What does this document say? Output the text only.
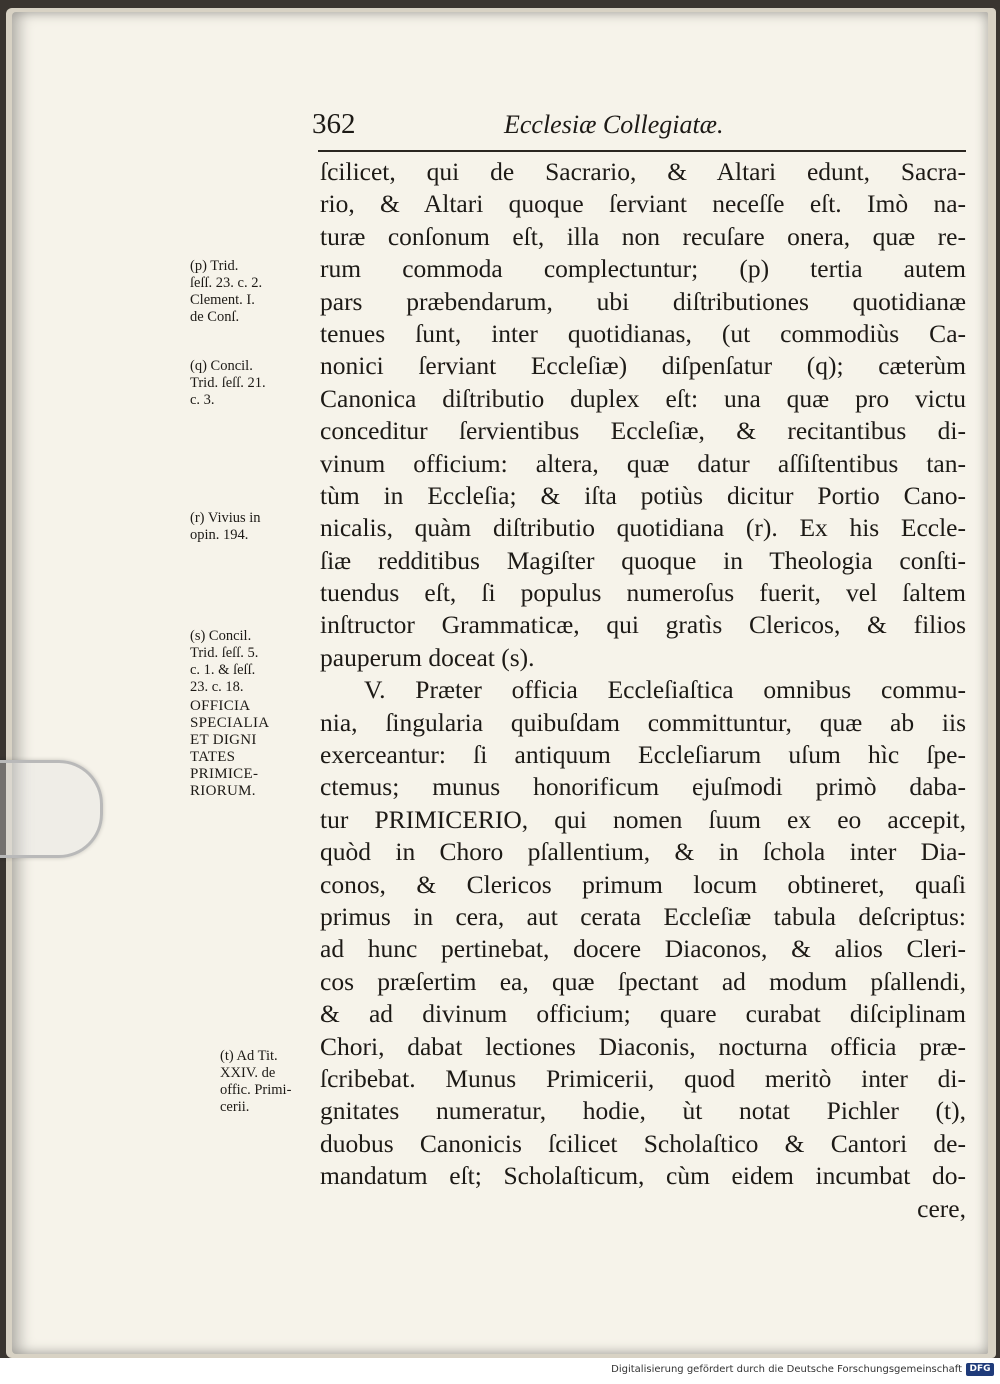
362	Ecclesiæ Collegiatæ.
ſcilicet, qui de Sacrario, & Altari edunt, Sacra-
rio, & Altari quoque ſerviant neceſſe eſt. Imò na-
turæ conſonum eſt, illa non recuſare onera, quæ re-
rum commoda complectuntur; (p) tertia autem
pars præbendarum, ubi diſtributiones quotidianæ
tenues ſunt, inter quotidianas, (ut commodiùs Ca-
nonici ſerviant Eccleſiæ) diſpenſatur (q); cæterùm
Canonica diſtributio duplex eſt: una quæ pro victu
conceditur ſervientibus Eccleſiæ, & recitantibus di-
vinum officium: altera, quæ datur aſſiſtentibus tan-
tùm in Eccleſia; & iſta potiùs dicitur Portio Cano-
nicalis, quàm diſtributio quotidiana (r). Ex his Eccle-
ſiæ redditibus Magiſter quoque in Theologia conſti-
tuendus eſt, ſi populus numeroſus fuerit, vel ſaltem
inſtructor Grammaticæ, qui gratìs Clericos, & filios
pauperum doceat (s).
V. Præter officia Eccleſiaſtica omnibus commu-
nia, ſingularia quibuſdam committuntur, quæ ab iis
exerceantur: ſi antiquum Eccleſiarum uſum hìc ſpe-
ctemus; munus honorificum ejuſmodi primò daba-
tur PRIMICERIO, qui nomen ſuum ex eo accepit,
quòd in Choro pſallentium, & in ſchola inter Dia-
conos, & Clericos primum locum obtineret, quaſi
primus in cera, aut cerata Eccleſiæ tabula deſcriptus:
ad hunc pertinebat, docere Diaconos, & alios Cleri-
cos præſertim ea, quæ ſpectant ad modum pſallendi,
& ad divinum officium; quare curabat diſciplinam
Chori, dabat lectiones Diaconis, nocturna officia præ-
ſcribebat. Munus Primicerii, quod meritò inter di-
gnitates numeratur, hodie, ùt notat Pichler (t),
duobus Canonicis ſcilicet Scholaſtico & Cantori de-
mandatum eſt; Scholaſticum, cùm eidem incumbat do-
cere,
(p) Trid.
ſeſſ. 23. c. 2.
Clement. I.
de Conſ.
(q) Concil.
Trid. ſeſſ. 21.
c. 3.
(r) Vivius in
opin. 194.
(s) Concil.
Trid. ſeſſ. 5.
c. 1. & ſeſſ.
23. c. 18.
OFFICIA
SPECIALIA
ET DIGNI
TATES
PRIMICE-
RIORUM.
(t) Ad Tit.
XXIV. de
offic. Primi-
cerii.
Digitalisierung gefördert durch die Deutsche Forschungsgemeinschaft DFG
